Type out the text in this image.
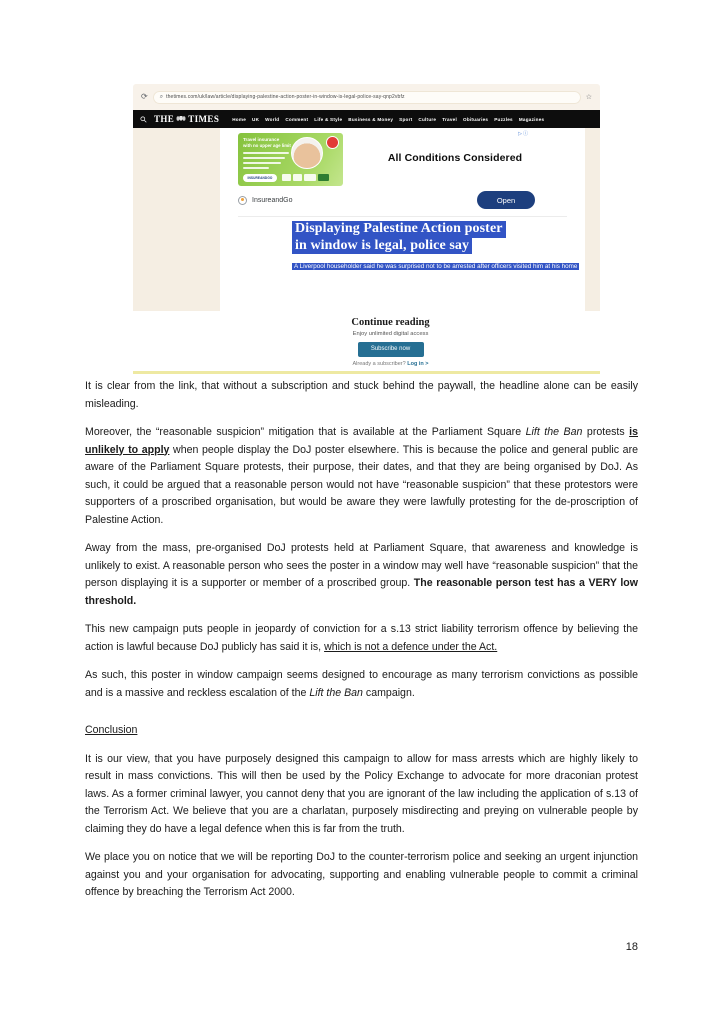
⟳ ⌕ thetimes.com/uk/law/article/displaying-palestine-action-poster-in-window-is-legal-police-say-qnp2vbfz	☆
THE TIMES	Home UK World Comment Life & Style Business & Money Sport Culture Travel Obituaries Puzzles Magazines
Travel insurance
with no upper age limit
INSUREANDGO
All Conditions Considered
▷ⓘ
InsureandGo	Open
Displaying Palestine Action poster
in window is legal, police say
A Liverpool householder said he was surprised not to be arrested after officers visited him at his home
Continue reading
Enjoy unlimited digital access
Subscribe now
Already a subscriber? Log in >

It is clear from the link, that without a subscription and stuck behind the paywall, the headline alone can be easily misleading.

Moreover, the “reasonable suspicion” mitigation that is available at the Parliament Square Lift the Ban protests is unlikely to apply when people display the DoJ poster elsewhere. This is because the police and general public are aware of the Parliament Square protests, their purpose, their dates, and that they are being organised by DoJ. As such, it could be argued that a reasonable person would not have “reasonable suspicion” that these protestors were supporters of a proscribed organisation, but would be aware they were lawfully protesting for the de-proscription of Palestine Action.

Away from the mass, pre-organised DoJ protests held at Parliament Square, that awareness and knowledge is unlikely to exist. A reasonable person who sees the poster in a window may well have “reasonable suspicion” that the person displaying it is a supporter or member of a proscribed group. The reasonable person test has a VERY low threshold.

This new campaign puts people in jeopardy of conviction for a s.13 strict liability terrorism offence by believing the action is lawful because DoJ publicly has said it is, which is not a defence under the Act.

As such, this poster in window campaign seems designed to encourage as many terrorism convictions as possible and is a massive and reckless escalation of the Lift the Ban campaign.

Conclusion

It is our view, that you have purposely designed this campaign to allow for mass arrests which are highly likely to result in mass convictions. This will then be used by the Policy Exchange to advocate for more draconian protest laws. As a former criminal lawyer, you cannot deny that you are ignorant of the law including the application of s.13 of the Terrorism Act. We believe that you are a charlatan, purposely misdirecting and preying on vulnerable people by claiming they do have a legal defence when this is far from the truth.

We place you on notice that we will be reporting DoJ to the counter-terrorism police and seeking an urgent injunction against you and your organisation for advocating, supporting and enabling vulnerable people to commit a criminal offence by breaching the Terrorism Act 2000.

18
